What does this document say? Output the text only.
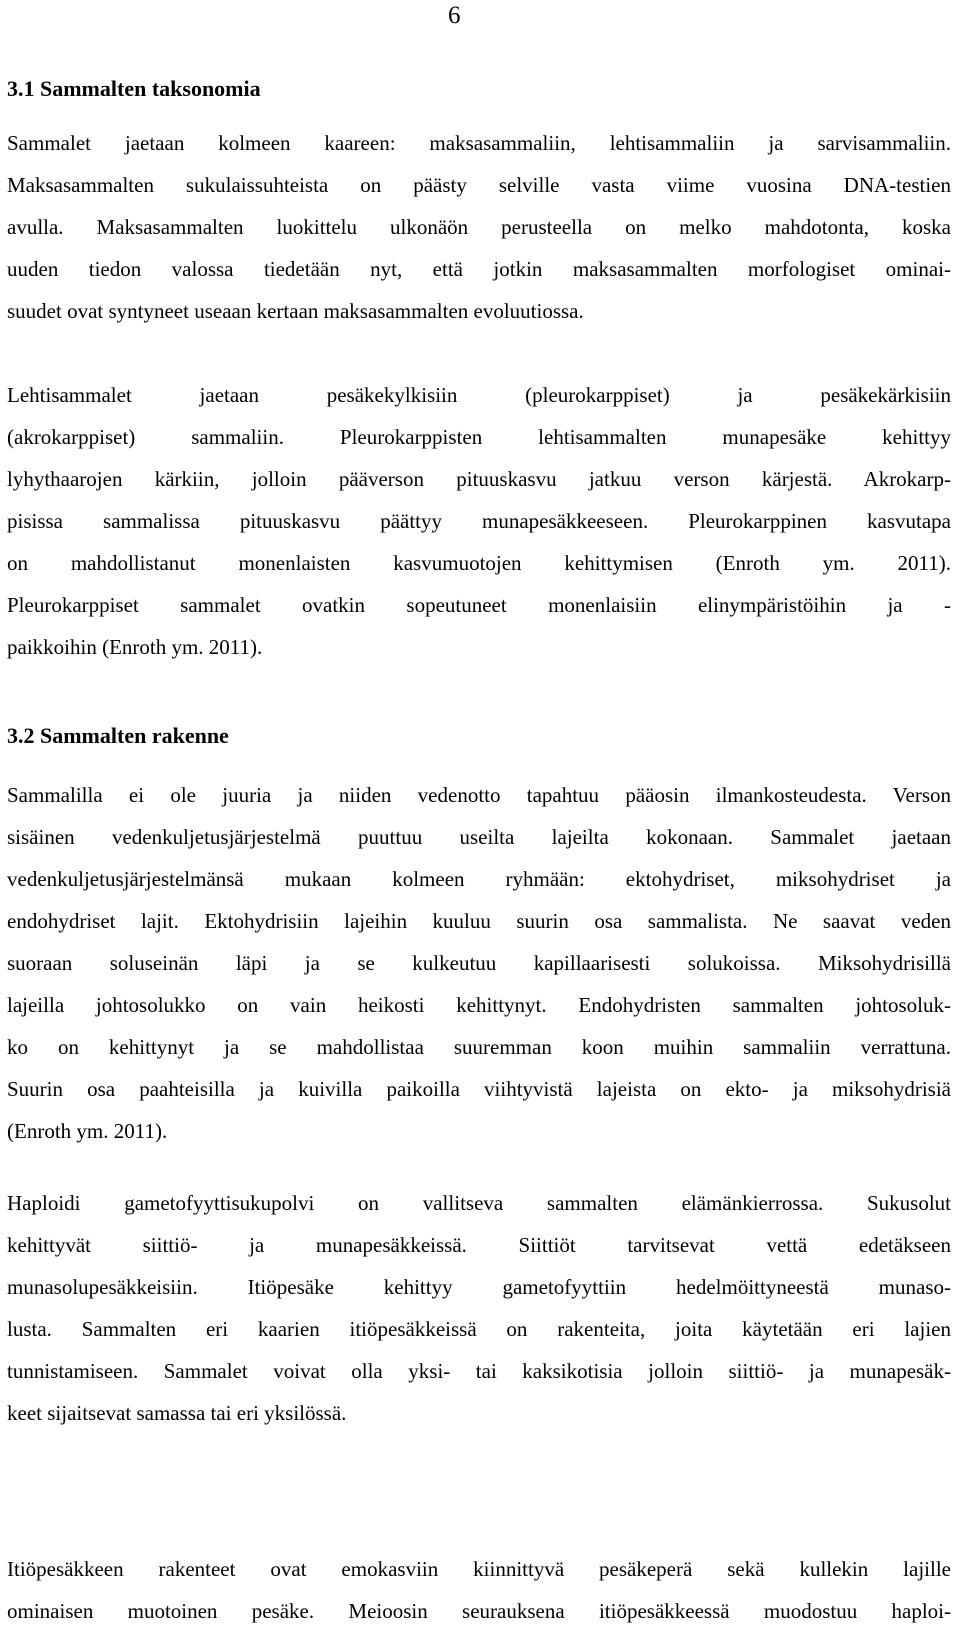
6
3.1 Sammalten taksonomia
Sammalet jaetaan kolmeen kaareen: maksasammaliin, lehtisammaliin ja sarvisammaliin.
Maksasammalten sukulaissuhteista on päästy selville vasta viime vuosina DNA-testien
avulla. Maksasammalten luokittelu ulkonäön perusteella on melko mahdotonta, koska
uuden tiedon valossa tiedetään nyt, että jotkin maksasammalten morfologiset ominai-
suudet ovat syntyneet useaan kertaan maksasammalten evoluutiossa.
Lehtisammalet jaetaan pesäkekylkisiin (pleurokarppiset) ja pesäkekärkisiin
(akrokarppiset) sammaliin. Pleurokarppisten lehtisammalten munapesäke kehittyy
lyhythaarojen kärkiin, jolloin pääverson pituuskasvu jatkuu verson kärjestä. Akrokarp-
pisissa sammalissa pituuskasvu päättyy munapesäkkeeseen. Pleurokarppinen kasvutapa
on mahdollistanut monenlaisten kasvumuotojen kehittymisen (Enroth ym. 2011).
Pleurokarppiset sammalet ovatkin sopeutuneet monenlaisiin elinympäristöihin ja -
paikkoihin (Enroth ym. 2011).
3.2 Sammalten rakenne
Sammalilla ei ole juuria ja niiden vedenotto tapahtuu pääosin ilmankosteudesta. Verson
sisäinen vedenkuljetusjärjestelmä puuttuu useilta lajeilta kokonaan. Sammalet jaetaan
vedenkuljetusjärjestelmänsä mukaan kolmeen ryhmään: ektohydriset, miksohydriset ja
endohydriset lajit. Ektohydrisiin lajeihin kuuluu suurin osa sammalista. Ne saavat veden
suoraan soluseinän läpi ja se kulkeutuu kapillaarisesti solukoissa. Miksohydrisillä
lajeilla johtosolukko on vain heikosti kehittynyt. Endohydristen sammalten johtosoluk-
ko on kehittynyt ja se mahdollistaa suuremman koon muihin sammaliin verrattuna.
Suurin osa paahteisilla ja kuivilla paikoilla viihtyvistä lajeista on ekto- ja miksohydrisiä
(Enroth ym. 2011).
Haploidi gametofyyttisukupolvi on vallitseva sammalten elämänkierrossa. Sukusolut
kehittyvät siittiö- ja munapesäkkeissä. Siittiöt tarvitsevat vettä edetäkseen
munasolupesäkkeisiin. Itiöpesäke kehittyy gametofyyttiin hedelmöittyneestä munaso-
lusta. Sammalten eri kaarien itiöpesäkkeissä on rakenteita, joita käytetään eri lajien
tunnistamiseen. Sammalet voivat olla yksi- tai kaksikotisia jolloin siittiö- ja munapesäk-
keet sijaitsevat samassa tai eri yksilössä.
Itiöpesäkkeen rakenteet ovat emokasviin kiinnittyvä pesäkeperä sekä kullekin lajille
ominaisen muotoinen pesäke. Meioosin seurauksena itiöpesäkkeessä muodostuu haploi-
